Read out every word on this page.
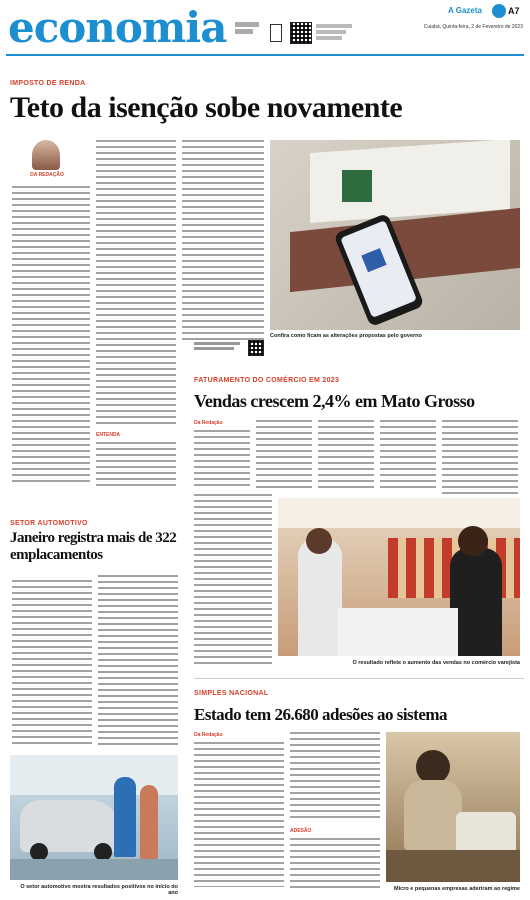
economia	A Gazeta	A7
Cuiabá, Quinta-feira, 2 de Fevereiro de 2023
IMPOSTO DE RENDA
Teto da isenção sobe novamente
DA REDAÇÃO
ENTENDA
Confira como ficam as alterações propostas pelo governo
FATURAMENTO DO COMÉRCIO EM 2023
Vendas crescem 2,4% em Mato Grosso
Da Redação
O resultado reflete o aumento das vendas no comércio varejista
SETOR AUTOMOTIVO
Janeiro registra mais de 322 emplacamentos
O setor automotivo mostra resultados positivos no início do ano
SIMPLES NACIONAL
Estado tem 26.680 adesões ao sistema
Da Redação
ADESÃO
Micro e pequenas empresas aderiram ao regime
